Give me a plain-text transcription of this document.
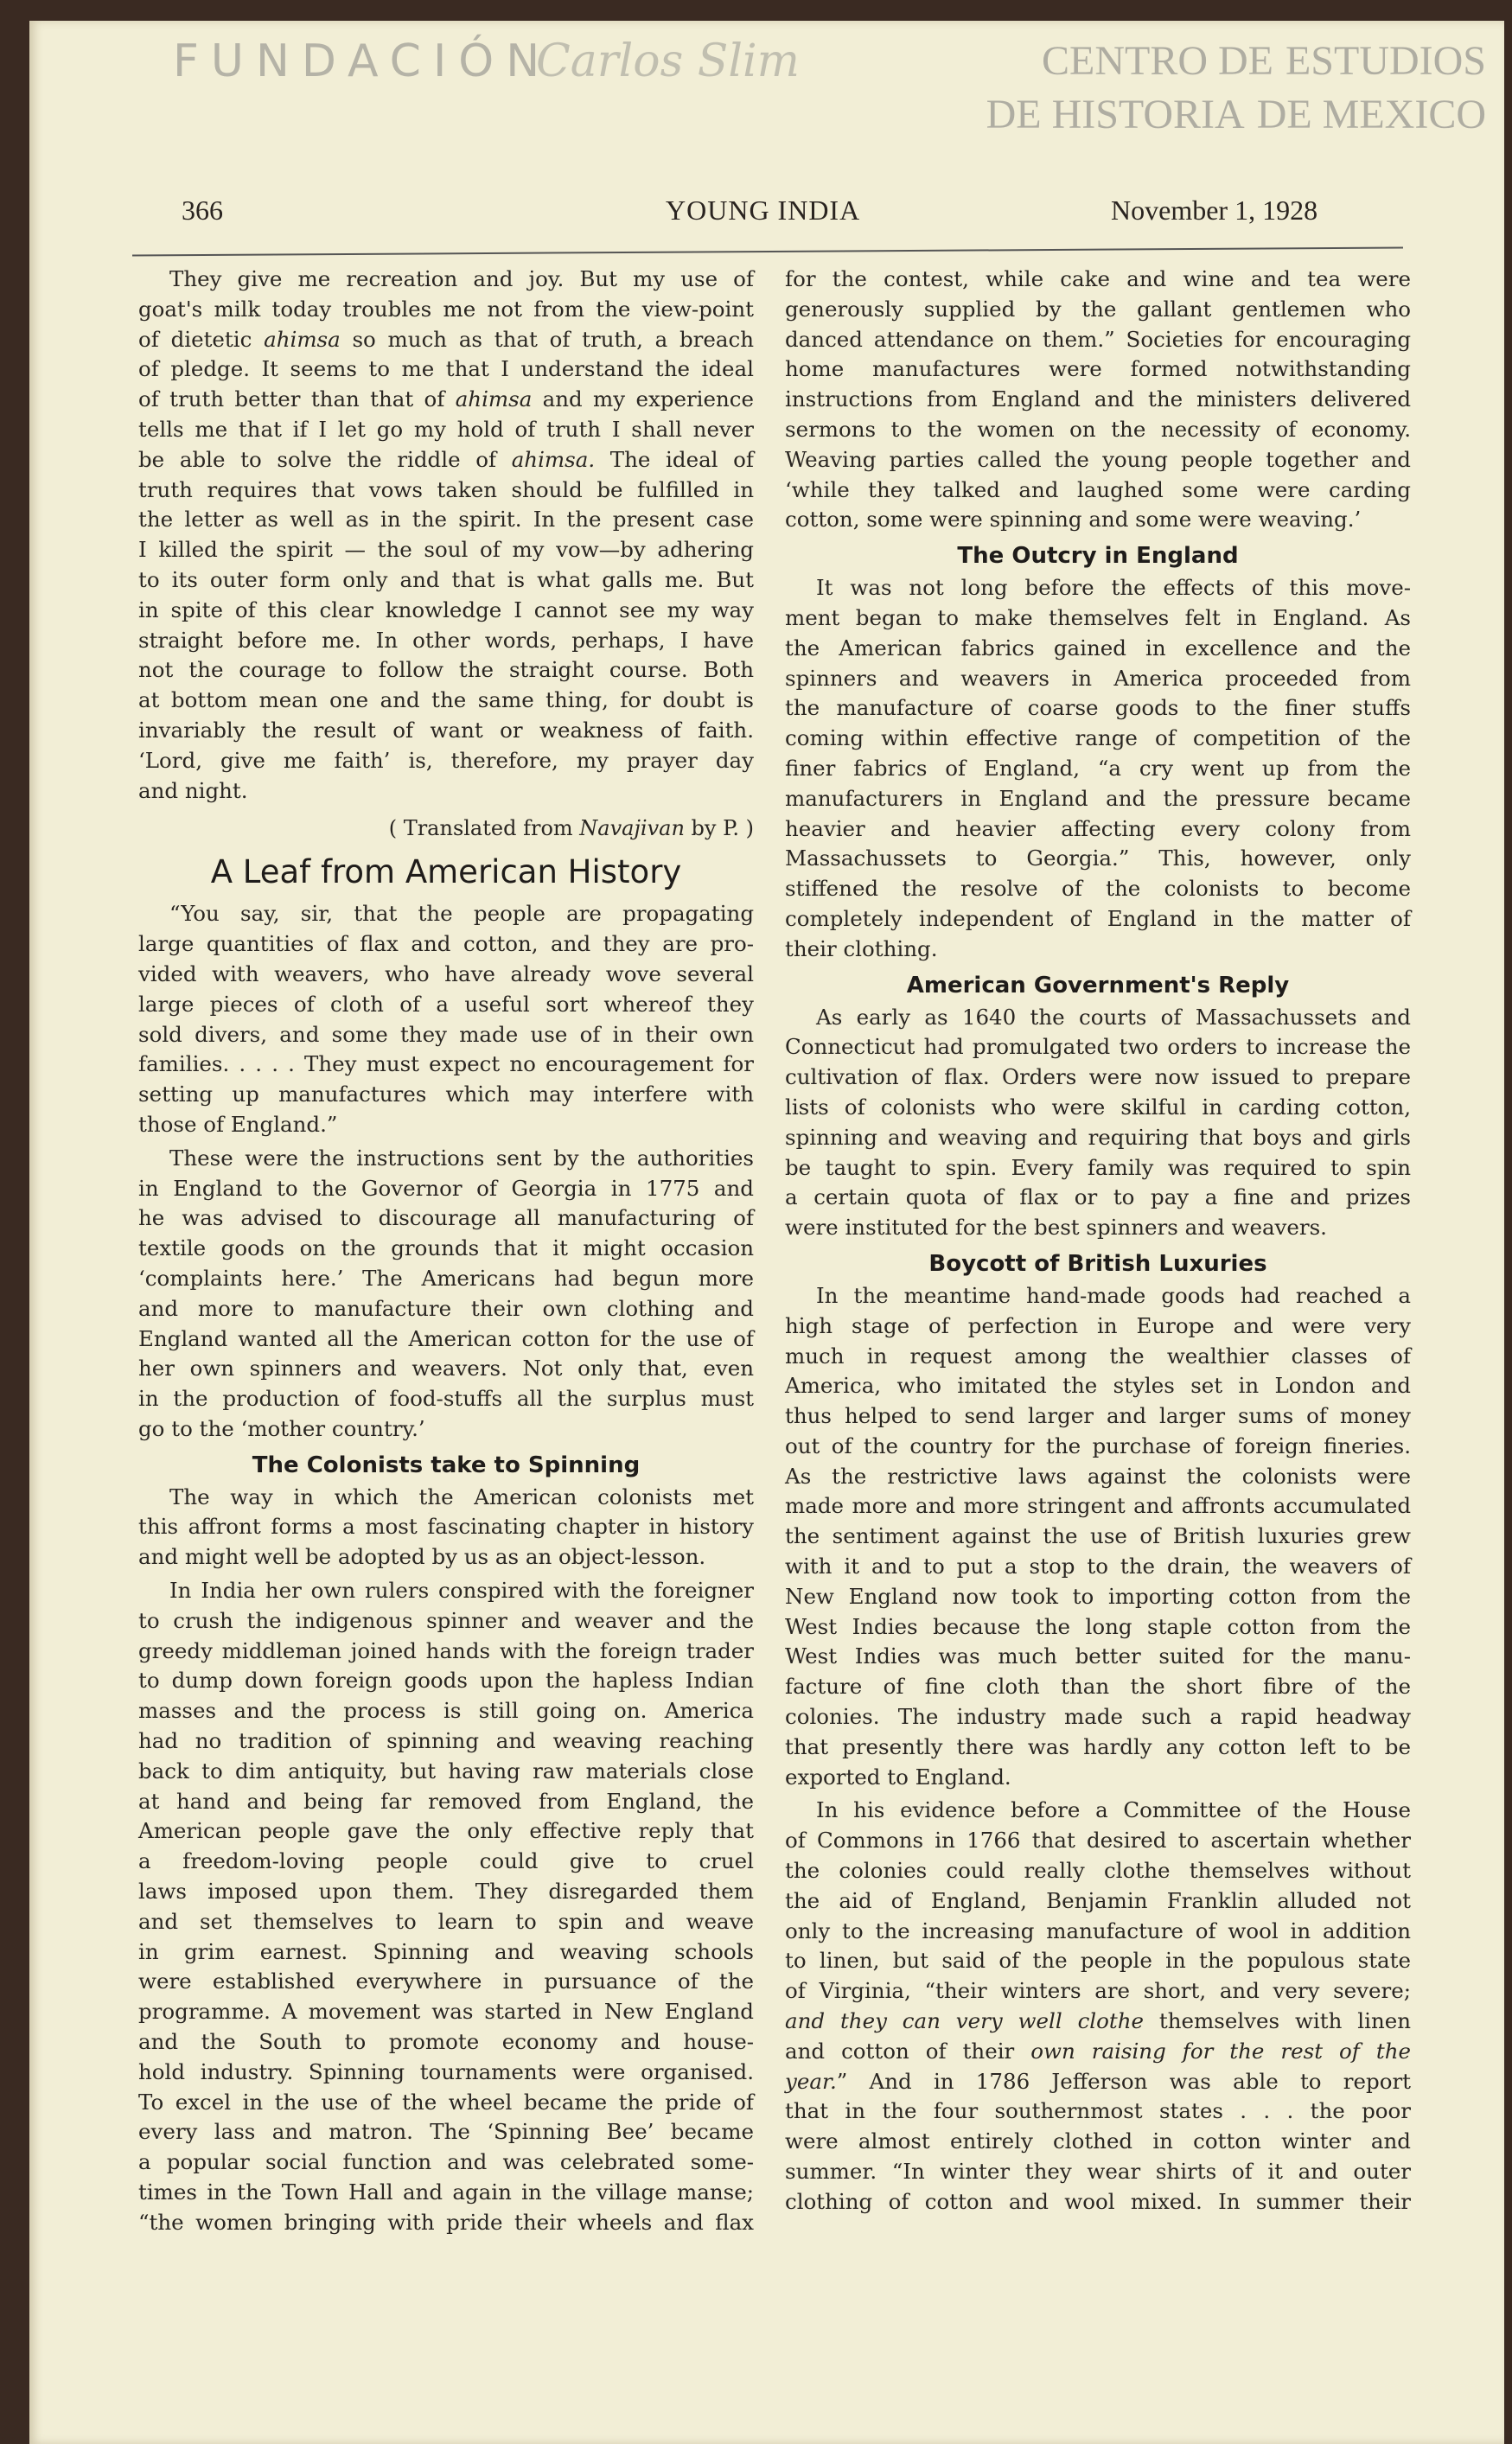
CENTRO DE ESTUDIOS
DE HISTORIA DE MEXICO
FUNDACIÓN
Carlos Slim
366	YOUNG INDIA	November 1, 1928
They give me recreation and joy. But my use of
goat's milk today troubles me not from the view-point
of dietetic ahimsa so much as that of truth, a breach
of pledge. It seems to me that I understand the ideal
of truth better than that of ahimsa and my experience
tells me that if I let go my hold of truth I shall never
be able to solve the riddle of ahimsa. The ideal of
truth requires that vows taken should be fulfilled in
the letter as well as in the spirit. In the present case
I killed the spirit — the soul of my vow—by adhering
to its outer form only and that is what galls me. But
in spite of this clear knowledge I cannot see my way
straight before me. In other words, perhaps, I have
not the courage to follow the straight course. Both
at bottom mean one and the same thing, for doubt is
invariably the result of want or weakness of faith.
‘Lord, give me faith’ is, therefore, my prayer day
and night.
( Translated from Navajivan by P. )
A Leaf from American History
“You say, sir, that the people are propagating
large quantities of flax and cotton, and they are pro-
vided with weavers, who have already wove several
large pieces of cloth of a useful sort whereof they
sold divers, and some they made use of in their own
families. . . . . They must expect no encouragement for
setting up manufactures which may interfere with
those of England.”
These were the instructions sent by the authorities
in England to the Governor of Georgia in 1775 and
he was advised to discourage all manufacturing of
textile goods on the grounds that it might occasion
‘complaints here.’ The Americans had begun more
and more to manufacture their own clothing and
England wanted all the American cotton for the use of
her own spinners and weavers. Not only that, even
in the production of food-stuffs all the surplus must
go to the ‘mother country.’
The Colonists take to Spinning
The way in which the American colonists met
this affront forms a most fascinating chapter in history
and might well be adopted by us as an object-lesson.
In India her own rulers conspired with the foreigner
to crush the indigenous spinner and weaver and the
greedy middleman joined hands with the foreign trader
to dump down foreign goods upon the hapless Indian
masses and the process is still going on. America
had no tradition of spinning and weaving reaching
back to dim antiquity, but having raw materials close
at hand and being far removed from England, the
American people gave the only effective reply that
a freedom-loving people could give to cruel
laws imposed upon them. They disregarded them
and set themselves to learn to spin and weave
in grim earnest. Spinning and weaving schools
were established everywhere in pursuance of the
programme. A movement was started in New England
and the South to promote economy and house-
hold industry. Spinning tournaments were organised.
To excel in the use of the wheel became the pride of
every lass and matron. The ‘Spinning Bee’ became
a popular social function and was celebrated some-
times in the Town Hall and again in the village manse;
“the women bringing with pride their wheels and flax
for the contest, while cake and wine and tea were
generously supplied by the gallant gentlemen who
danced attendance on them.” Societies for encouraging
home manufactures were formed notwithstanding
instructions from England and the ministers delivered
sermons to the women on the necessity of economy.
Weaving parties called the young people together and
‘while they talked and laughed some were carding
cotton, some were spinning and some were weaving.’
The Outcry in England
It was not long before the effects of this move-
ment began to make themselves felt in England. As
the American fabrics gained in excellence and the
spinners and weavers in America proceeded from
the manufacture of coarse goods to the finer stuffs
coming within effective range of competition of the
finer fabrics of England, “a cry went up from the
manufacturers in England and the pressure became
heavier and heavier affecting every colony from
Massachussets to Georgia.” This, however, only
stiffened the resolve of the colonists to become
completely independent of England in the matter of
their clothing.
American Government's Reply
As early as 1640 the courts of Massachussets and
Connecticut had promulgated two orders to increase the
cultivation of flax. Orders were now issued to prepare
lists of colonists who were skilful in carding cotton,
spinning and weaving and requiring that boys and girls
be taught to spin. Every family was required to spin
a certain quota of flax or to pay a fine and prizes
were instituted for the best spinners and weavers.
Boycott of British Luxuries
In the meantime hand-made goods had reached a
high stage of perfection in Europe and were very
much in request among the wealthier classes of
America, who imitated the styles set in London and
thus helped to send larger and larger sums of money
out of the country for the purchase of foreign fineries.
As the restrictive laws against the colonists were
made more and more stringent and affronts accumulated
the sentiment against the use of British luxuries grew
with it and to put a stop to the drain, the weavers of
New England now took to importing cotton from the
West Indies because the long staple cotton from the
West Indies was much better suited for the manu-
facture of fine cloth than the short fibre of the
colonies. The industry made such a rapid headway
that presently there was hardly any cotton left to be
exported to England.
In his evidence before a Committee of the House
of Commons in 1766 that desired to ascertain whether
the colonies could really clothe themselves without
the aid of England, Benjamin Franklin alluded not
only to the increasing manufacture of wool in addition
to linen, but said of the people in the populous state
of Virginia, “their winters are short, and very severe;
and they can very well clothe themselves with linen
and cotton of their own raising for the rest of the
year.” And in 1786 Jefferson was able to report
that in the four southernmost states . . . the poor
were almost entirely clothed in cotton winter and
summer. “In winter they wear shirts of it and outer
clothing of cotton and wool mixed. In summer their
